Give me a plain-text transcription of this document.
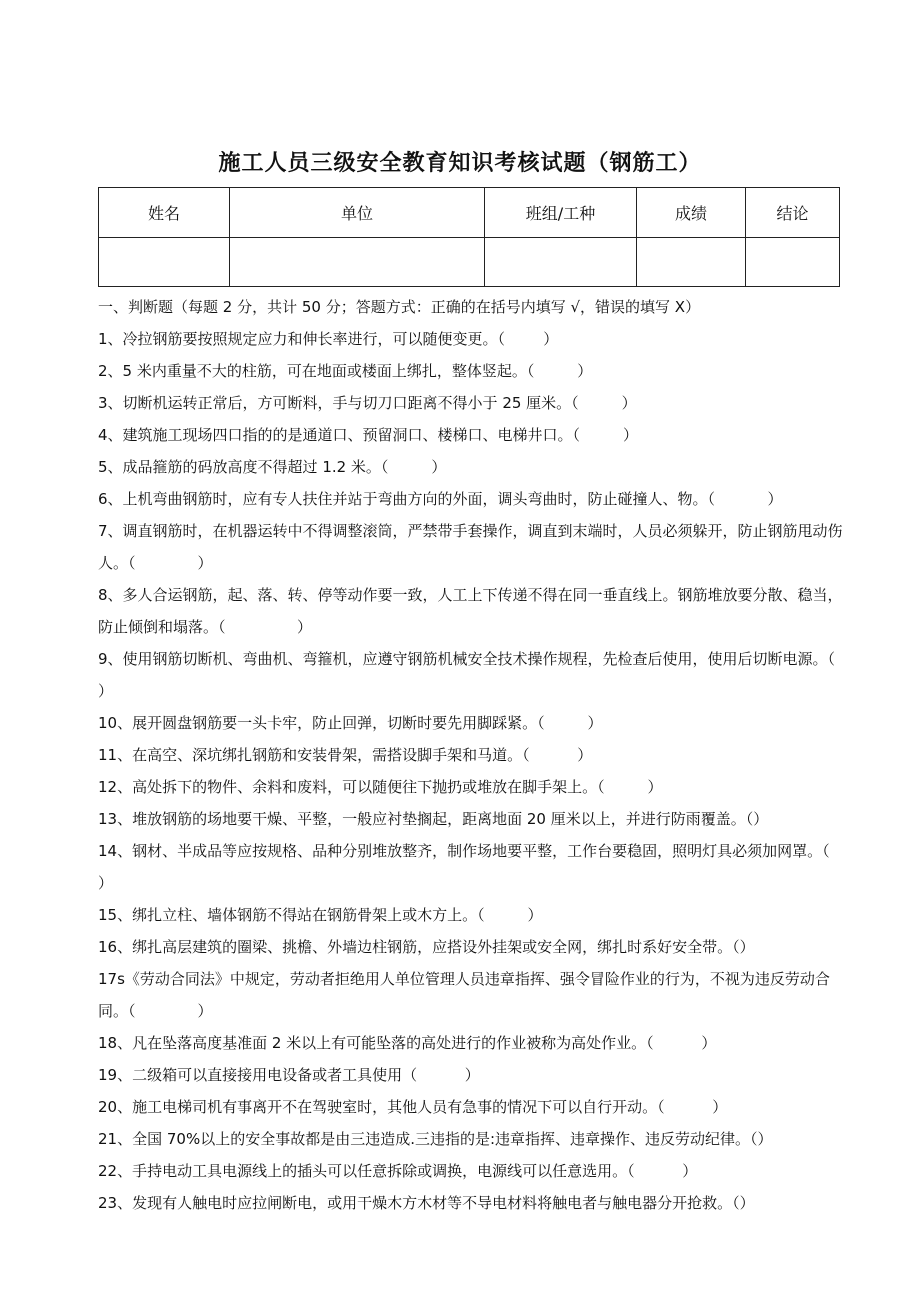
施工人员三级安全教育知识考核试题（钢筋工）
姓名	单位	班组/工种	成绩	结论

一、判断题（每题 2 分，共计 50 分；答题方式：正确的在括号内填写 √，错误的填写 X）

1、冷拉钢筋要按照规定应力和伸长率进行，可以随便变更。（        ）

2、5 米内重量不大的柱筋，可在地面或楼面上绑扎，整体竖起。（         ）

3、切断机运转正常后，方可断料，手与切刀口距离不得小于 25 厘米。（         ）

4、建筑施工现场四口指的的是通道口、预留洞口、楼梯口、电梯井口。（         ）

5、成品箍筋的码放高度不得超过 1.2 米。（         ）

6、上机弯曲钢筋时，应有专人扶住并站于弯曲方向的外面，调头弯曲时，防止碰撞人、物。（           ）

7、调直钢筋时，在机器运转中不得调整滚筒，严禁带手套操作，调直到末端时，人员必须躲开，防止钢筋甩动伤人。（             ）

8、多人合运钢筋，起、落、转、停等动作要一致，人工上下传递不得在同一垂直线上。钢筋堆放要分散、稳当，防止倾倒和塌落。（               ）

9、使用钢筋切断机、弯曲机、弯箍机，应遵守钢筋机械安全技术操作规程，先检查后使用，使用后切断电源。（               ）

10、展开圆盘钢筋要一头卡牢，防止回弹，切断时要先用脚踩紧。（         ）

11、在高空、深坑绑扎钢筋和安装骨架，需搭设脚手架和马道。（          ）

12、高处拆下的物件、余料和废料，可以随便往下抛扔或堆放在脚手架上。（         ）

13、堆放钢筋的场地要干燥、平整，一般应衬垫搁起，距离地面 20 厘米以上，并进行防雨覆盖。（）

14、钢材、半成品等应按规格、品种分别堆放整齐，制作场地要平整，工作台要稳固，照明灯具必须加网罩。（           ）

15、绑扎立柱、墙体钢筋不得站在钢筋骨架上或木方上。（         ）

16、绑扎高层建筑的圈梁、挑檐、外墙边柱钢筋，应搭设外挂架或安全网，绑扎时系好安全带。（）

17s《劳动合同法》中规定，劳动者拒绝用人单位管理人员违章指挥、强令冒险作业的行为，不视为违反劳动合同。（             ）

18、凡在坠落高度基准面 2 米以上有可能坠落的高处进行的作业被称为高处作业。（          ）

19、二级箱可以直接接用电设备或者工具使用（          ）

20、施工电梯司机有事离开不在驾驶室时，其他人员有急事的情况下可以自行开动。（          ）

21、全国 70%以上的安全事故都是由三违造成.三违指的是:违章指挥、违章操作、违反劳动纪律。（）

22、手持电动工具电源线上的插头可以任意拆除或调换，电源线可以任意选用。（          ）

23、发现有人触电时应拉闸断电，或用干燥木方木材等不导电材料将触电者与触电器分开抢救。（）
